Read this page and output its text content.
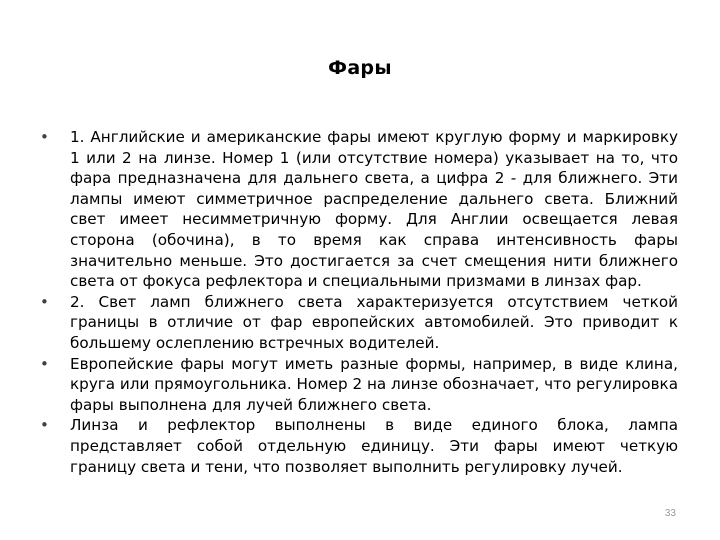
Фары
•	1. Английские и американские фары имеют круглую форму и маркировку 1 или 2 на линзе. Номер 1 (или отсутствие номера) указывает на то, что фара предназначена для дальнего света, а цифра 2 - для ближнего. Эти лампы имеют симметричное распределение дальнего света. Ближний свет имеет несимметричную форму. Для Англии освещается левая сторона (обочина), в то время как справа интенсивность фары значительно меньше. Это достигается за счет смещения нити ближнего света от фокуса рефлектора и специальными призмами в линзах фар.
•	2. Свет ламп ближнего света характеризуется отсутствием четкой границы в отличие от фар европейских автомобилей. Это приводит к большему ослеплению встречных водителей.
•	Европейские фары могут иметь разные формы, например, в виде клина, круга или прямоугольника. Номер 2 на линзе обозначает, что регулировка фары выполнена для лучей ближнего света.
•	Линза и рефлектор выполнены в виде единого блока, лампа представляет собой отдельную единицу. Эти фары имеют четкую границу света и тени, что позволяет выполнить регулировку лучей.
33
